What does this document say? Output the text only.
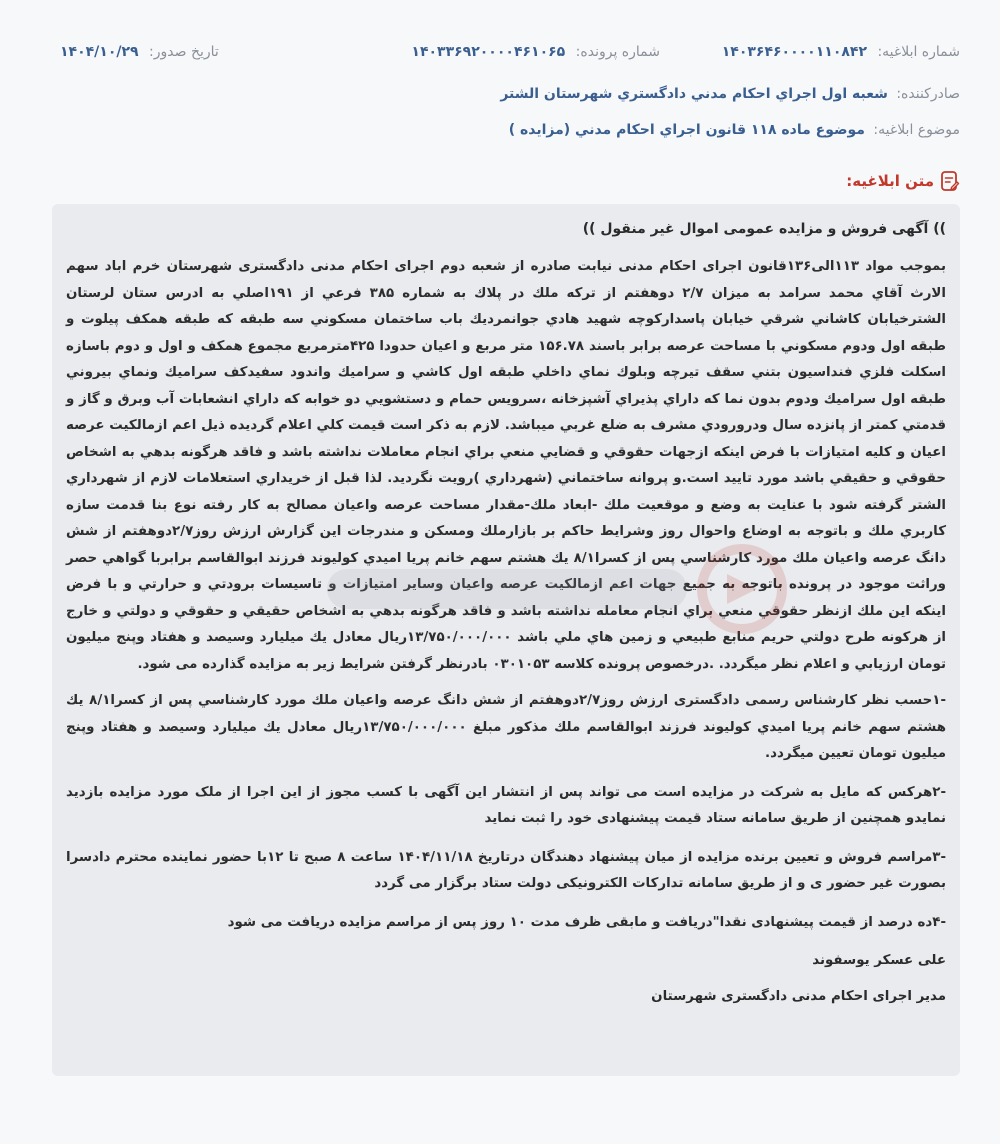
شماره ابلاغیه: ۱۴۰۳۶۴۶۰۰۰۰۱۱۰۸۴۲
شماره پرونده: ۱۴۰۳۳۶۹۲۰۰۰۰۴۶۱۰۶۵
تاریخ صدور: ۱۴۰۴/۱۰/۲۹
صادرکننده: شعبه اول اجراي احكام مدني دادگستري شهرستان الشتر
موضوع ابلاغیه: موضوع ماده ۱۱۸ قانون اجراي احكام مدني (مزايده )
متن ابلاغیه:
)) آگهی فروش و مزایده عمومی اموال غیر منقول ))

بموجب مواد ۱۱۳الی۱۳۶قانون اجرای احکام مدنی نیابت صادره از شعبه دوم اجرای احکام مدنی دادگستری شهرستان خرم اباد سهم الارث آقاي محمد سرامد به میزان ۲/۷ دوهفتم از ترکه ملك در پلاك به شماره ۳۸۵ فرعي از ۱۹۱اصلي به ادرس ستان لرستان الشترخيابان كاشاني شرقي خيابان پاسداركوچه شهيد هادي جوانمرديك باب ساختمان مسكوني سه طبقه كه طبقه همكف پيلوت و طبقه اول ودوم مسكوني با مساحت عرصه برابر باسند ۱۵۶.۷۸ متر مربع و اعيان حدودا ۴۲۵مترمربع مجموع همكف و اول و دوم باسازه اسكلت فلزي فنداسيون بتني سقف تيرچه وبلوك نماي داخلي طبقه اول كاشي و سراميك واندود سفيدكف سراميك ونماي بيروني طبقه اول سراميك ودوم بدون نما كه داراي پذيراي آشپزخانه ،سرويس حمام و دستشويي دو خوابه كه داراي انشعابات آب وبرق و گاز و قدمتي كمتر از پانزده سال ودرورودي مشرف به ضلع غربي ميباشد. لازم به ذكر است قيمت كلي اعلام گرديده ذيل اعم ازمالكيت عرصه اعيان و كليه امتيازات با فرض اينكه ازجهات حقوقي و قضايي منعي براي انجام معاملات نداشته باشد و فاقد هرگونه بدهي به اشخاص حقوقي و حقيقي باشد مورد تاييد است.و پروانه ساختماني (شهرداري )رويت نگرديد. لذا قبل از خريداري استعلامات لازم از شهرداري الشتر گرفته شود با عنايت به وضع و موقعيت ملك -ابعاد ملك-مقدار مساحت عرصه واعيان مصالح به كار رفته نوع بنا قدمت سازه كاربري ملك و باتوجه به اوضاع واحوال روز وشرايط حاكم بر بازارملك ومسكن و مندرجات اين گزارش ارزش روز۲/۷دوهفتم از شش دانگ عرصه واعيان ملك مورد كارشناسي پس از كسرا۸/۱ يك هشتم سهم خانم پريا اميدي كوليوند فرزند ابوالقاسم برابربا گواهي حصر وراثت موجود در پرونده باتوجه به جميع جهات اعم ازمالكيت عرصه واعيان وساير امتيازات و تاسيسات برودتي و حرارتي و با فرض اينكه اين ملك ازنظر حقوقي منعي براي انجام معامله نداشته باشد و فاقد هرگونه بدهي به اشخاص حقيقي و حقوقي و دولتي و خارج از هركونه طرح دولتي حريم منابع طبيعي و زمين هاي ملي باشد ۱۳/۷۵۰/۰۰۰/۰۰۰ريال معادل يك ميليارد وسيصد و هفتاد وپنج ميليون تومان ارزيابي و اعلام نظر ميگردد. .درخصوص پرونده كلاسه ۰۳۰۱۰۵۳ بادرنظر گرفتن شرايط زير به مزايده گذارده می شود.

-۱حسب نظر کارشناس رسمی دادگستری ارزش روز۲/۷دوهفتم از شش دانگ عرصه واعيان ملك مورد كارشناسي پس از كسرا۸/۱ يك هشتم سهم خانم پريا اميدي كوليوند فرزند ابوالقاسم ملك مذكور مبلغ ۱۳/۷۵۰/۰۰۰/۰۰۰ريال معادل يك ميليارد وسيصد و هفتاد وپنج ميليون تومان تعيين ميگردد.

-۲هرکس که مایل به شرکت در مزایده است می تواند پس از انتشار این آگهی با کسب مجوز از این اجرا از ملک مورد مزایده بازدید نمایدو همچنین از طریق سامانه ستاد قیمت پیشنهادی خود را ثبت نماید

-۳مراسم فروش و تعیین برنده مزایده از میان پیشنهاد دهندگان درتاریخ ۱۴۰۴/۱۱/۱۸ ساعت ۸ صبح تا ۱۲با حضور نماینده محترم دادسرا بصورت غیر حضور ی و از طریق سامانه تدارکات الکترونیکی دولت ستاد برگزار می گردد

-۴ده درصد از قیمت پیشنهادی نقدا"دریافت و مابقی ظرف مدت ۱۰ روز پس از مراسم مزایده دریافت می شود

علی عسکر یوسفوند

مدیر اجرای احکام مدنی دادگستری شهرستان
